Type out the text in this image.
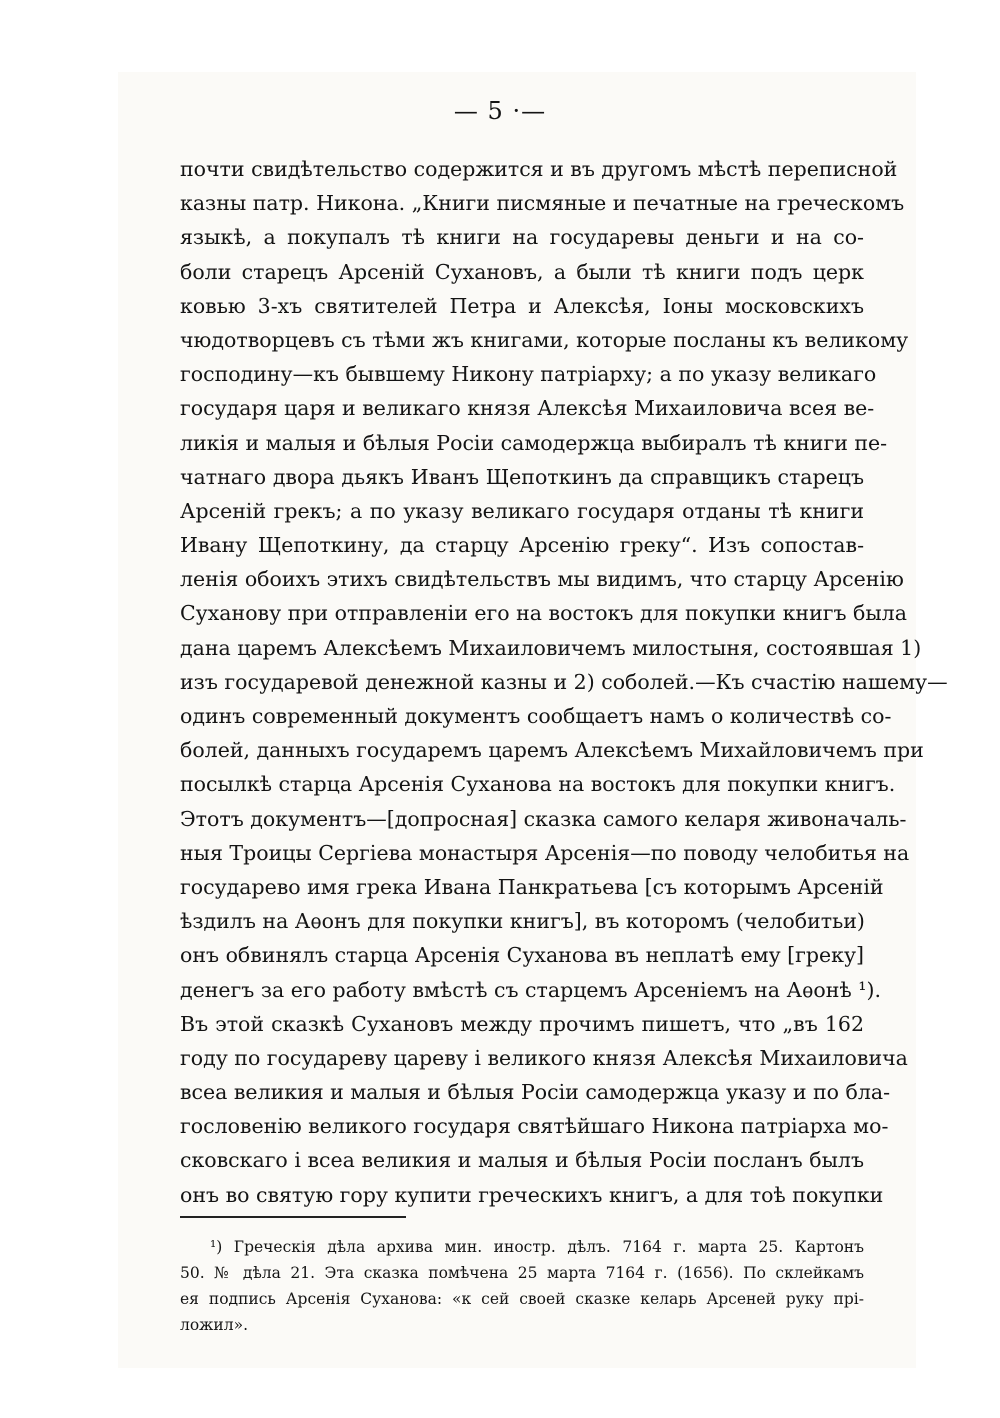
— 5 ·—
почти свидѣтельство содержится и въ другомъ мѣстѣ переписной
казны патр. Никона. „Книги писмяные и печатные на греческомъ
языкѣ, а покупалъ тѣ книги на государевы деньги и на со-
боли старецъ Арсеній Сухановъ, а были тѣ книги подъ церк
ковью 3-хъ святителей Петра и Алексѣя, Іоны московскихъ
чюдотворцевъ съ тѣми жъ книгами, которые посланы къ великому
господину—къ бывшему Никону патріарху; а по указу великаго
государя царя и великаго князя Алексѣя Михаиловича всея ве-
ликія и малыя и бѣлыя Росіи самодержца выбиралъ тѣ книги пе-
чатнаго двора дьякъ Иванъ Щепоткинъ да справщикъ старецъ
Арсеній грекъ; а по указу великаго государя отданы тѣ книги
Ивану Щепоткину, да старцу Арсенію греку“. Изъ сопостав-
ленія обоихъ этихъ свидѣтельствъ мы видимъ, что старцу Арсенію
Суханову при отправленіи его на востокъ для покупки книгъ была
дана царемъ Алексѣемъ Михаиловичемъ милостыня, состоявшая 1)
изъ государевой денежной казны и 2) соболей.—Къ счастію нашему—
одинъ современный документъ сообщаетъ намъ о количествѣ со-
болей, данныхъ государемъ царемъ Алексѣемъ Михайловичемъ при
посылкѣ старца Арсенія Суханова на востокъ для покупки книгъ.
Этотъ документъ—[допросная] сказка самого келаря живоначаль-
ныя Троицы Сергіева монастыря Арсенія—по поводу челобитья на
государево имя грека Ивана Панкратьева [съ которымъ Арсеній
ѣздилъ на Аѳонъ для покупки книгъ], въ которомъ (челобитьи)
онъ обвинялъ старца Арсенія Суханова въ неплатѣ ему [греку]
денегъ за его работу вмѣстѣ съ старцемъ Арсеніемъ на Аѳонѣ ¹).
Въ этой сказкѣ Сухановъ между прочимъ пишетъ, что „въ 162
году по государеву цареву і великого князя Алексѣя Михаиловича
всеа великия и малыя и бѣлыя Росіи самодержца указу и по бла-
гословенію великого государя святѣйшаго Никона патріарха мо-
сковскаго і всеа великия и малыя и бѣлыя Росіи посланъ былъ
онъ во святую гору купити греческихъ книгъ, а для тоѣ покупки
¹) Греческія дѣла архива мин. иностр. дѣлъ. 7164 г. марта 25. Картонъ
50. № дѣла 21. Эта сказка помѣчена 25 марта 7164 г. (1656). По склейкамъ
ея подпись Арсенія Суханова: «к сей своей сказке келарь Арсеней руку прі-
ложил».
